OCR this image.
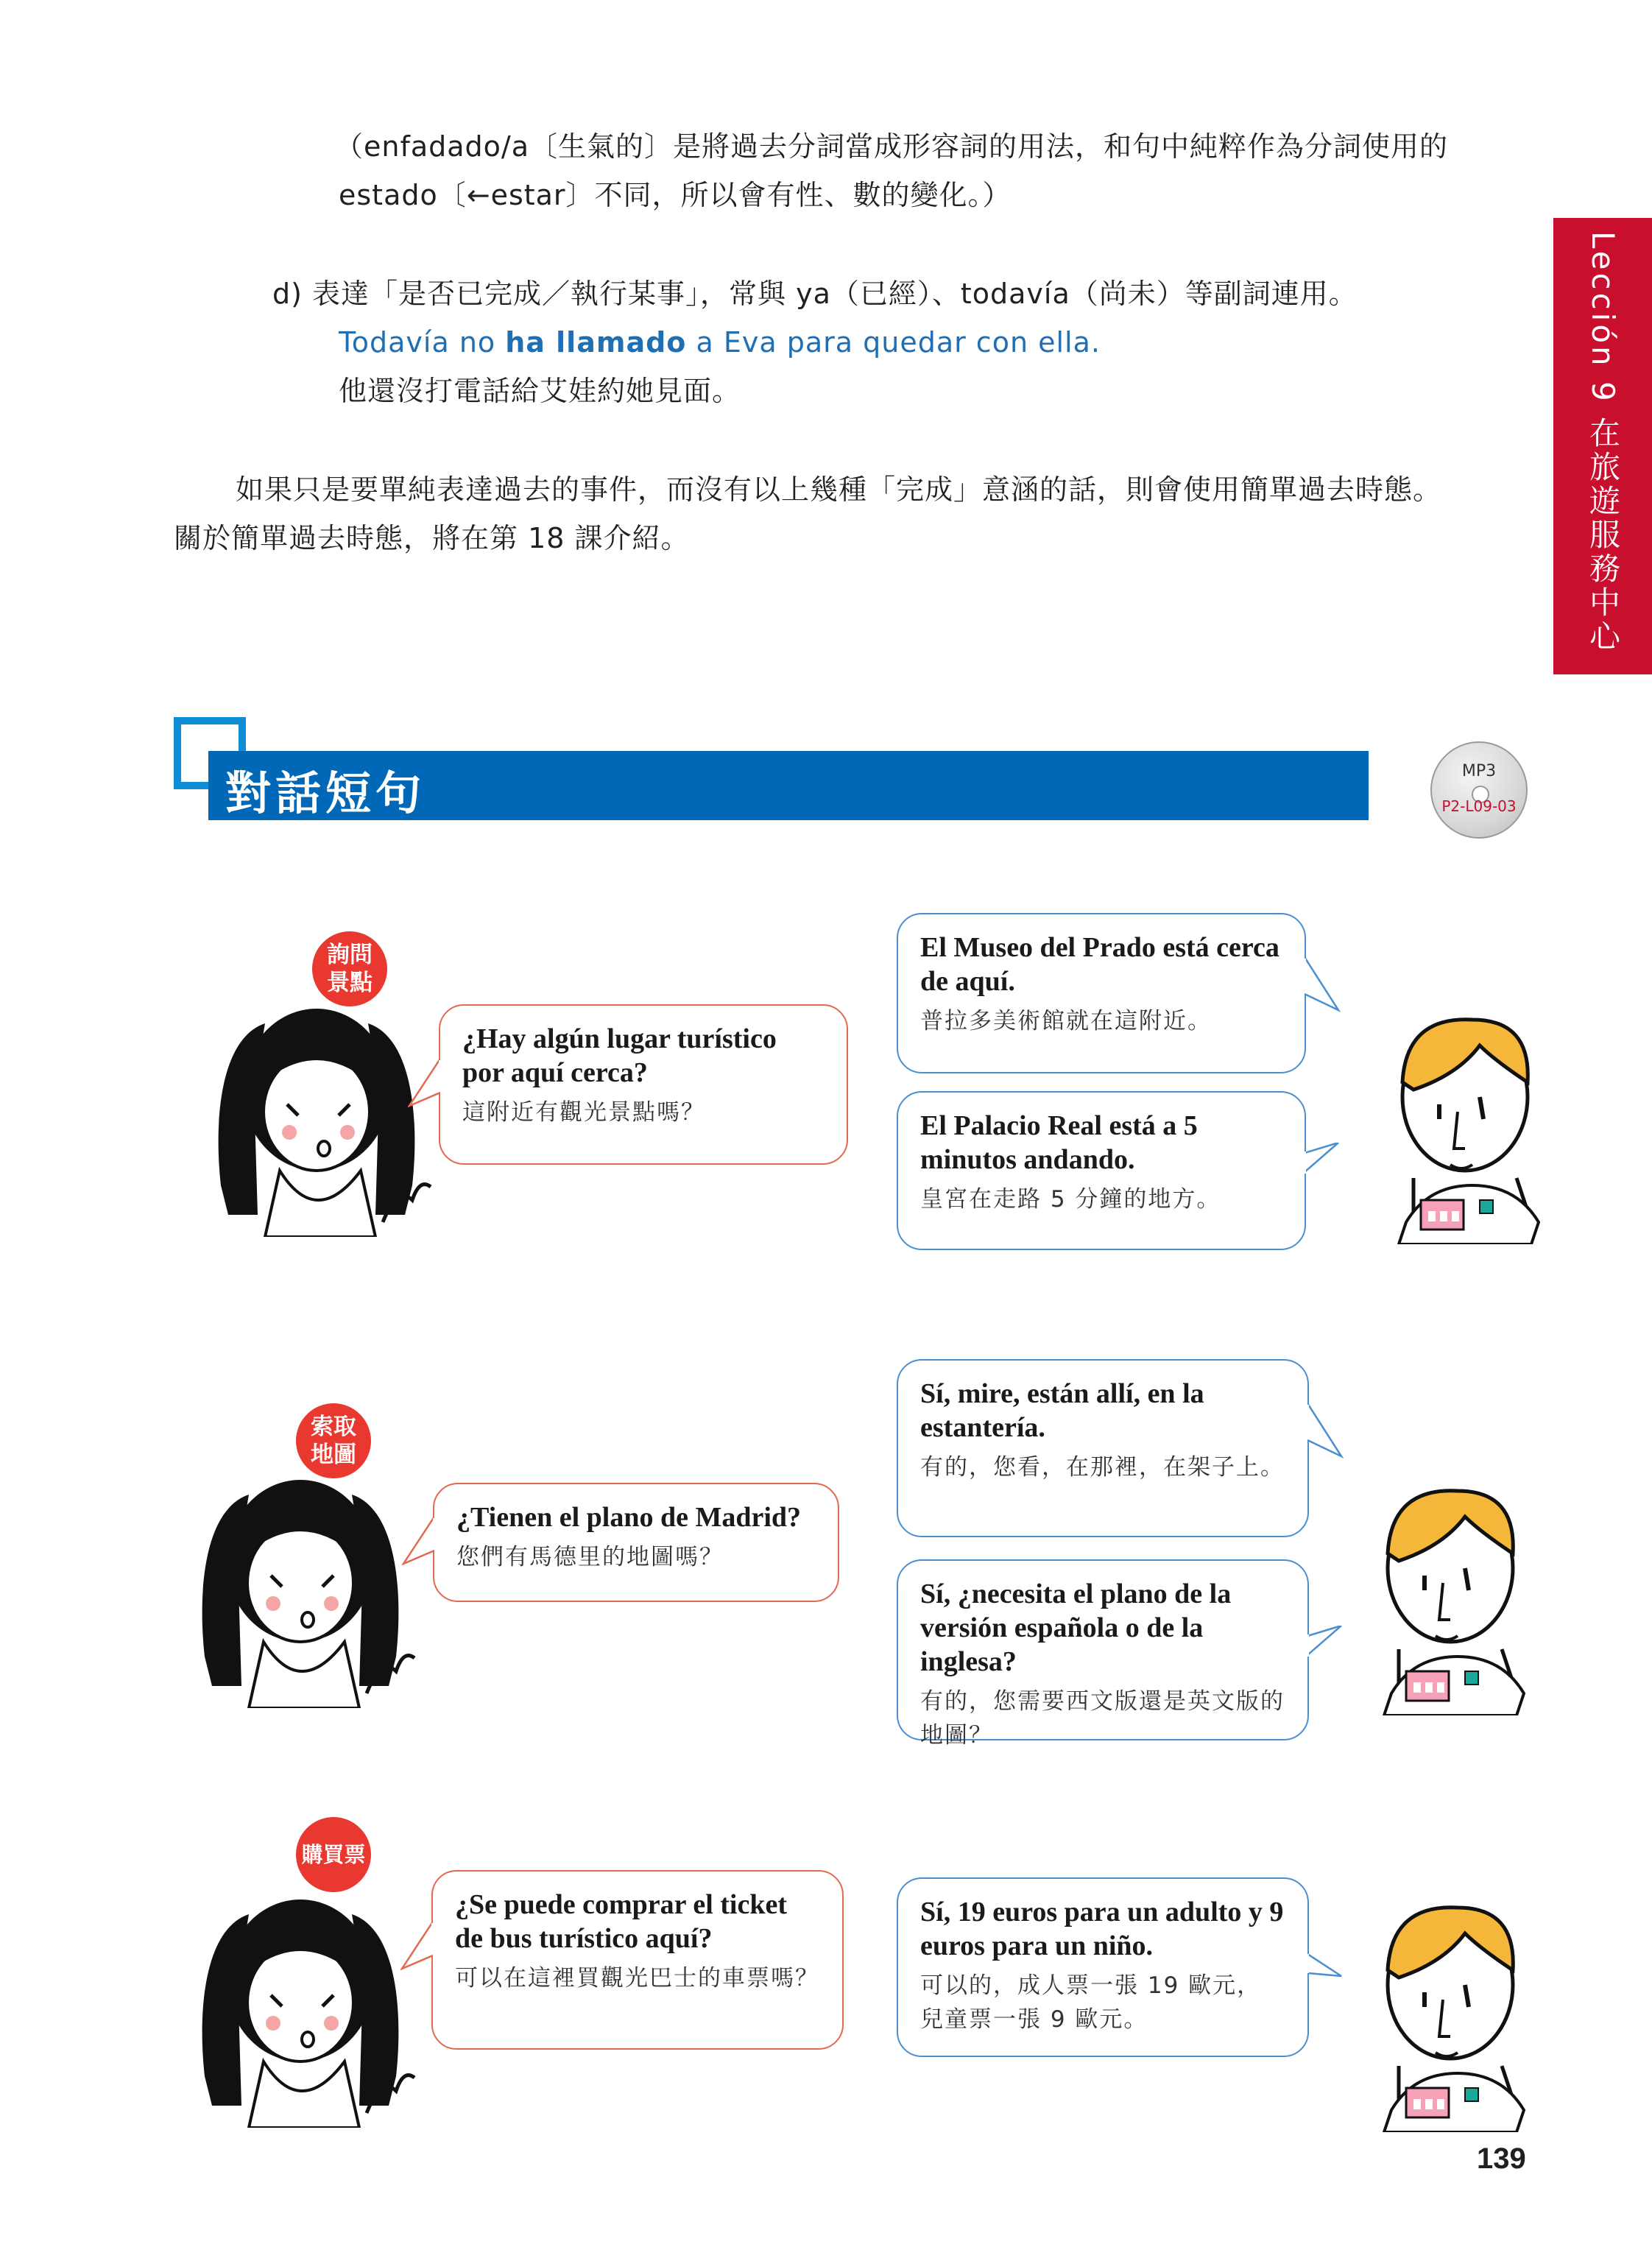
（enfadado/a〔生氣的〕是將過去分詞當成形容詞的用法，和句中純粹作為分詞使用的
estado〔←estar〕不同，所以會有性、數的變化。）
d) 表達「是否已完成／執行某事」，常與 ya（已經）、todavía（尚未）等副詞連用。
Todavía no ha llamado a Eva para quedar con ella.
他還沒打電話給艾娃約她見面。
如果只是要單純表達過去的事件，而沒有以上幾種「完成」意涵的話，則會使用簡單過去時態。
關於簡單過去時態，將在第 18 課介紹。	Lección 9 在旅遊服務中心
對話短句	MP3
P2-L09-03
詢問
景點
¿Hay algún lugar turístico por aquí cerca?
這附近有觀光景點嗎？
El Museo del Prado está cerca de aquí.
普拉多美術館就在這附近。
El Palacio Real está a 5 minutos andando.
皇宮在走路 5 分鐘的地方。
索取
地圖
¿Tienen el plano de Madrid?
您們有馬德里的地圖嗎？
Sí, mire, están allí, en la estantería.
有的，您看，在那裡，在架子上。
Sí, ¿necesita el plano de la versión española o de la inglesa?
有的，您需要西文版還是英文版的地圖？
購買票
¿Se puede comprar el ticket de bus turístico aquí?
可以在這裡買觀光巴士的車票嗎？
Sí, 19 euros para un adulto y 9 euros para un niño.
可以的，成人票一張 19 歐元，兒童票一張 9 歐元。
139
